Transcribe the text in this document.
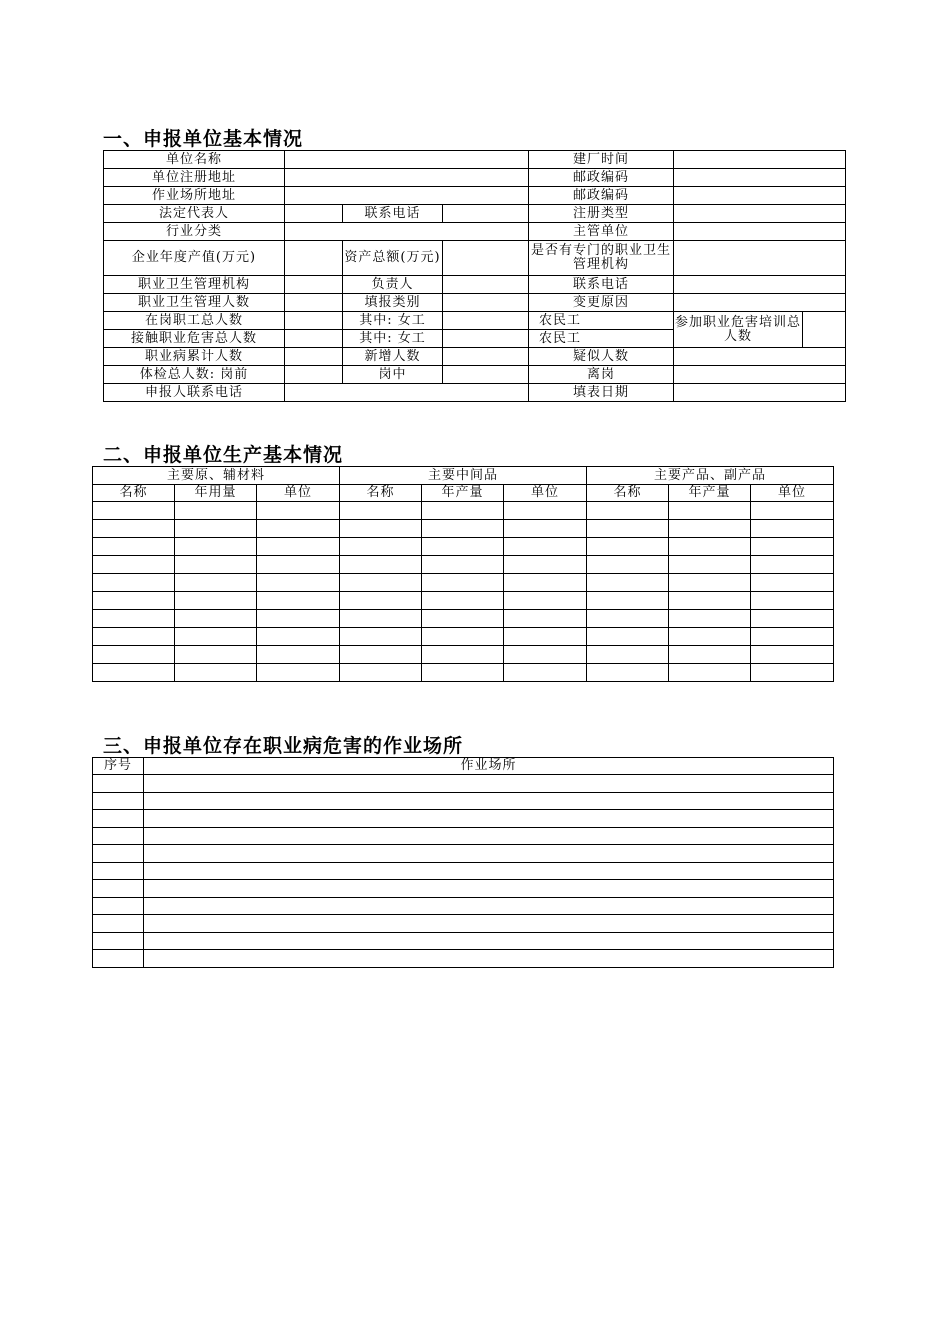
一、申报单位基本情况
单位名称				建厂时间		
单位注册地址				邮政编码		
作业场所地址				邮政编码		
法定代表人		联系电话		注册类型		
行业分类				主管单位		
企业年度产值(万元)		资产总额(万元)		是否有专门的职业卫生管理机构		
职业卫生管理机构		负责人		联系电话		
职业卫生管理人数		填报类别		变更原因		
在岗职工总人数		其中: 女工		农民工	参加职业危害培训总人数	
接触职业危害总人数		其中: 女工		农民工		
职业病累计人数		新增人数		疑似人数		
体检总人数: 岗前		岗中		离岗		
申报人联系电话				填表日期		
二、申报单位生产基本情况
主要原、辅材料			主要中间品			主要产品、副产品		
名称	年用量	单位	名称	年产量	单位	名称	年产量	单位

三、申报单位存在职业病危害的作业场所
序号	作业场所
